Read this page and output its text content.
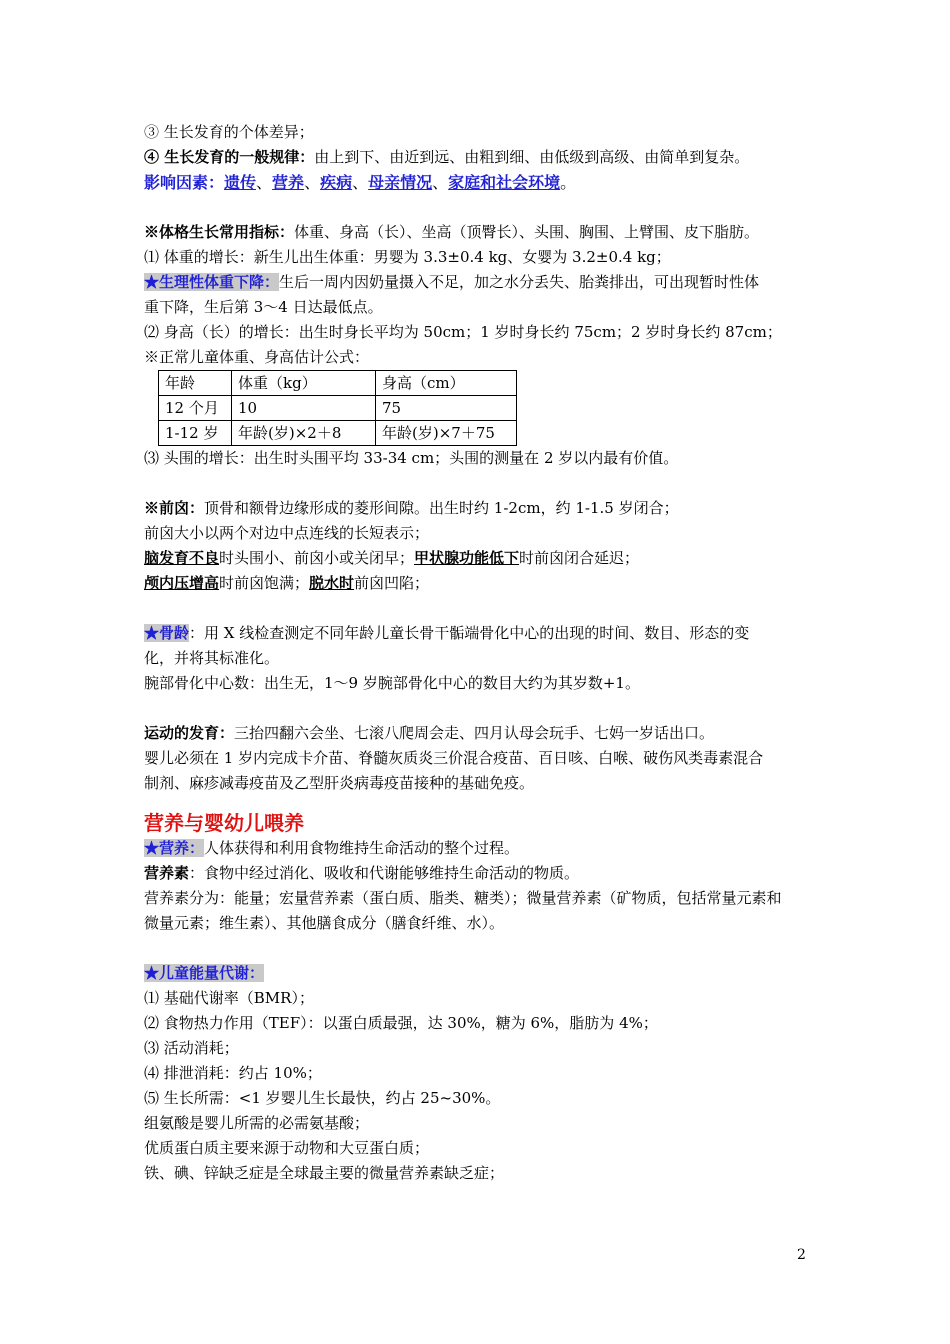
③ 生长发育的个体差异；
④ 生长发育的一般规律：由上到下、由近到远、由粗到细、由低级到高级、由简单到复杂。
影响因素：遗传、营养、疾病、母亲情况、家庭和社会环境。
※体格生长常用指标：体重、身高（长）、坐高（顶臀长）、头围、胸围、上臂围、皮下脂肪。
⑴ 体重的增长：新生儿出生体重：男婴为 3.3±0.4 kg、女婴为 3.2±0.4 kg；
★生理性体重下降：生后一周内因奶量摄入不足，加之水分丢失、胎粪排出，可出现暂时性体
重下降，生后第 3～4 日达最低点。
⑵ 身高（长）的增长：出生时身长平均为 50cm；1 岁时身长约 75cm；2 岁时身长约 87cm；
※正常儿童体重、身高估计公式：
年龄	体重（kg）	身高（cm）
12 个月	10	75
1-12 岁	年龄(岁)×2＋8	年龄(岁)×7＋75
⑶ 头围的增长：出生时头围平均 33-34 cm；头围的测量在 2 岁以内最有价值。
※前囟：顶骨和额骨边缘形成的菱形间隙。出生时约 1-2cm，约 1-1.5 岁闭合；
前囟大小以两个对边中点连线的长短表示；
脑发育不良时头围小、前囟小或关闭早；甲状腺功能低下时前囟闭合延迟；
颅内压增高时前囟饱满；脱水时前囟凹陷；
★骨龄：用 X 线检查测定不同年龄儿童长骨干骺端骨化中心的出现的时间、数目、形态的变
化，并将其标准化。
腕部骨化中心数：出生无，1～9 岁腕部骨化中心的数目大约为其岁数+1。
运动的发育：三抬四翻六会坐、七滚八爬周会走、四月认母会玩手、七妈一岁话出口。
婴儿必须在 1 岁内完成卡介苗、脊髓灰质炎三价混合疫苗、百日咳、白喉、破伤风类毒素混合
制剂、麻疹减毒疫苗及乙型肝炎病毒疫苗接种的基础免疫。
营养与婴幼儿喂养
★营养：人体获得和利用食物维持生命活动的整个过程。
营养素：食物中经过消化、吸收和代谢能够维持生命活动的物质。
营养素分为：能量；宏量营养素（蛋白质、脂类、糖类）；微量营养素（矿物质，包括常量元素和
微量元素；维生素）、其他膳食成分（膳食纤维、水）。
★儿童能量代谢：
⑴ 基础代谢率（BMR）；
⑵ 食物热力作用（TEF）：以蛋白质最强，达 30%，糖为 6%，脂肪为 4%；
⑶ 活动消耗；
⑷ 排泄消耗：约占 10%；
⑸ 生长所需：<1 岁婴儿生长最快，约占 25~30%。
组氨酸是婴儿所需的必需氨基酸；
优质蛋白质主要来源于动物和大豆蛋白质；
铁、碘、锌缺乏症是全球最主要的微量营养素缺乏症；
2
